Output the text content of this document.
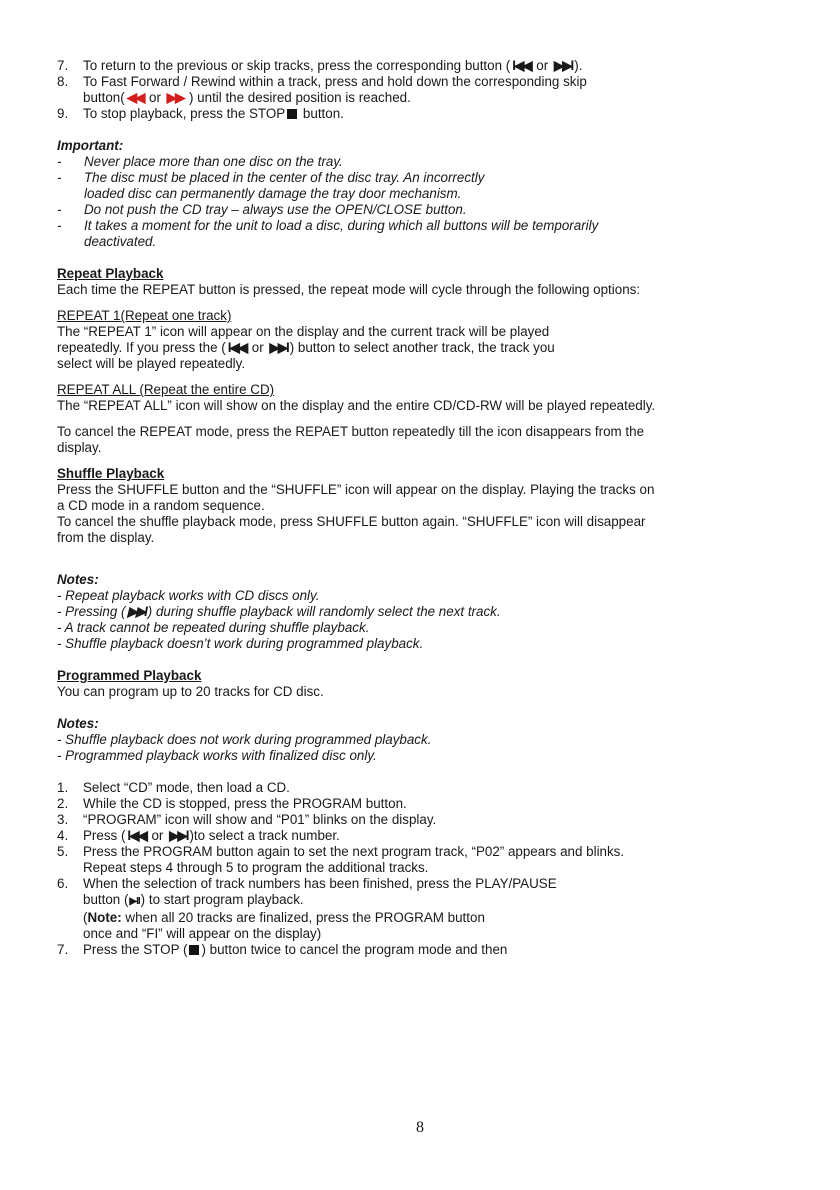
7.	To return to the previous or skip tracks, press the corresponding button ( I◀◀ or ▶▶I ).
8.	To Fast Forward / Rewind within a track, press and hold down the corresponding skip
button( ◀◀ or ▶▶ ) until the desired position is reached.
9.	To stop playback, press the STOP button.
Important:
-	Never place more than one disc on the tray.
-	The disc must be placed in the center of the disc tray. An incorrectly
loaded disc can permanently damage the tray door mechanism.
-	Do not push the CD tray – always use the OPEN/CLOSE button.
-	It takes a moment for the unit to load a disc, during which all buttons will be temporarily
deactivated.
Repeat Playback
Each time the REPEAT button is pressed, the repeat mode will cycle through the following options:
REPEAT 1(Repeat one track)
The “REPEAT 1” icon will appear on the display and the current track will be played
repeatedly. If you press the ( I◀◀ or ▶▶I ) button to select another track, the track you
select will be played repeatedly.
REPEAT ALL (Repeat the entire CD)
The “REPEAT ALL” icon will show on the display and the entire CD/CD-RW will be played repeatedly.
To cancel the REPEAT mode, press the REPAET button repeatedly till the icon disappears from the
display.
Shuffle Playback
Press the SHUFFLE button and the “SHUFFLE” icon will appear on the display. Playing the tracks on
a CD mode in a random sequence.
To cancel the shuffle playback mode, press SHUFFLE button again. “SHUFFLE” icon will disappear
from the display.
Notes:
- Repeat playback works with CD discs only.
- Pressing ( ▶▶I ) during shuffle playback will randomly select the next track.
- A track cannot be repeated during shuffle playback.
- Shuffle playback doesn’t work during programmed playback.
Programmed Playback
You can program up to 20 tracks for CD disc.
Notes:
- Shuffle playback does not work during programmed playback.
- Programmed playback works with finalized disc only.
1.	Select “CD” mode, then load a CD.
2.	While the CD is stopped, press the PROGRAM button.
3.	“PROGRAM” icon will show and “P01” blinks on the display.
4.	Press ( I◀◀ or ▶▶I )to select a track number.
5.	Press the PROGRAM button again to set the next program track, “P02” appears and blinks.
Repeat steps 4 through 5 to program the additional tracks.
6.	When the selection of track numbers has been finished, press the PLAY/PAUSE
button (▶II) to start program playback.
(Note: when all 20 tracks are finalized, press the PROGRAM button
once and “FI” will appear on the display)
7.	Press the STOP ( ) button twice to cancel the program mode and then
8
